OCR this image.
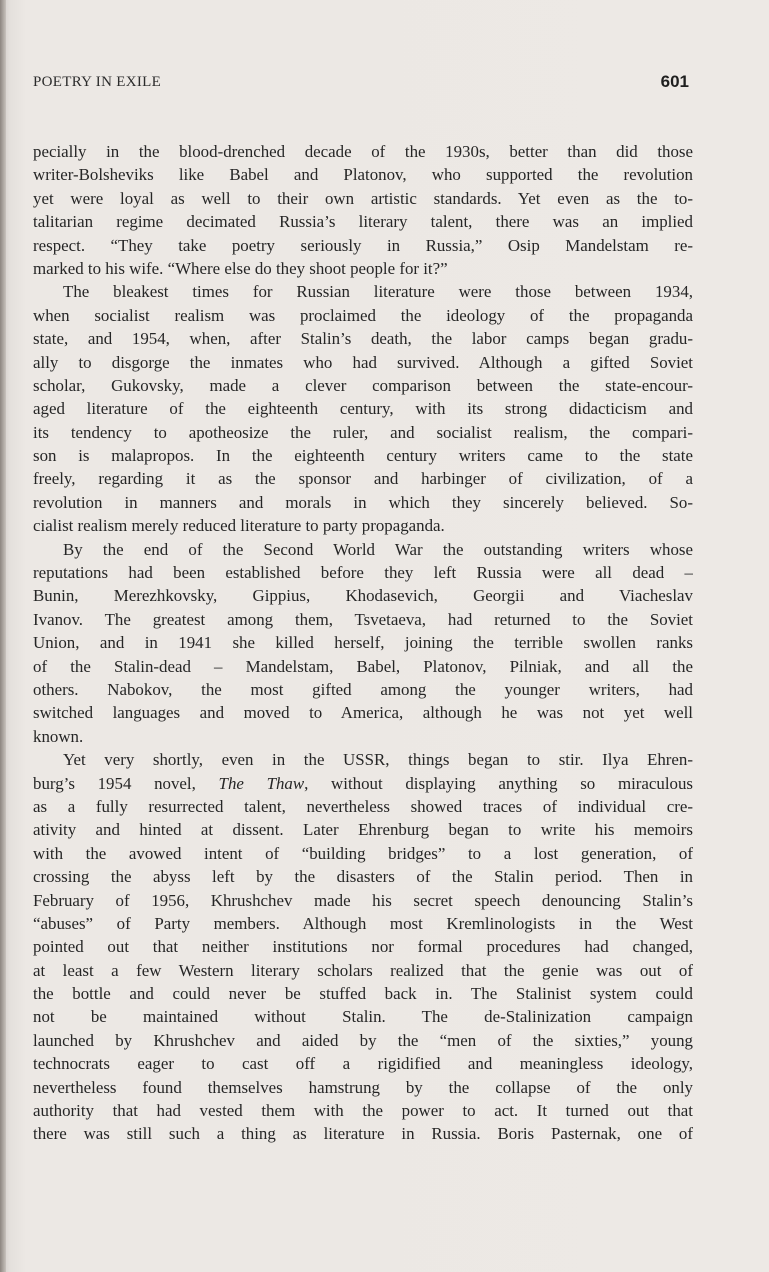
POETRY IN EXILE	601
pecially in the blood-drenched decade of the 1930s, better than did those
writer-Bolsheviks like Babel and Platonov, who supported the revolution
yet were loyal as well to their own artistic standards. Yet even as the to-
talitarian regime decimated Russia’s literary talent, there was an implied
respect. “They take poetry seriously in Russia,” Osip Mandelstam re-
marked to his wife. “Where else do they shoot people for it?”
The bleakest times for Russian literature were those between 1934,
when socialist realism was proclaimed the ideology of the propaganda
state, and 1954, when, after Stalin’s death, the labor camps began gradu-
ally to disgorge the inmates who had survived. Although a gifted Soviet
scholar, Gukovsky, made a clever comparison between the state-encour-
aged literature of the eighteenth century, with its strong didacticism and
its tendency to apotheosize the ruler, and socialist realism, the compari-
son is malapropos. In the eighteenth century writers came to the state
freely, regarding it as the sponsor and harbinger of civilization, of a
revolution in manners and morals in which they sincerely believed. So-
cialist realism merely reduced literature to party propaganda.
By the end of the Second World War the outstanding writers whose
reputations had been established before they left Russia were all dead –
Bunin, Merezhkovsky, Gippius, Khodasevich, Georgii and Viacheslav
Ivanov. The greatest among them, Tsvetaeva, had returned to the Soviet
Union, and in 1941 she killed herself, joining the terrible swollen ranks
of the Stalin-dead – Mandelstam, Babel, Platonov, Pilniak, and all the
others. Nabokov, the most gifted among the younger writers, had
switched languages and moved to America, although he was not yet well
known.
Yet very shortly, even in the USSR, things began to stir. Ilya Ehren-
burg’s 1954 novel, The Thaw, without displaying anything so miraculous
as a fully resurrected talent, nevertheless showed traces of individual cre-
ativity and hinted at dissent. Later Ehrenburg began to write his memoirs
with the avowed intent of “building bridges” to a lost generation, of
crossing the abyss left by the disasters of the Stalin period. Then in
February of 1956, Khrushchev made his secret speech denouncing Stalin’s
“abuses” of Party members. Although most Kremlinologists in the West
pointed out that neither institutions nor formal procedures had changed,
at least a few Western literary scholars realized that the genie was out of
the bottle and could never be stuffed back in. The Stalinist system could
not be maintained without Stalin. The de-Stalinization campaign
launched by Khrushchev and aided by the “men of the sixties,” young
technocrats eager to cast off a rigidified and meaningless ideology,
nevertheless found themselves hamstrung by the collapse of the only
authority that had vested them with the power to act. It turned out that
there was still such a thing as literature in Russia. Boris Pasternak, one of
